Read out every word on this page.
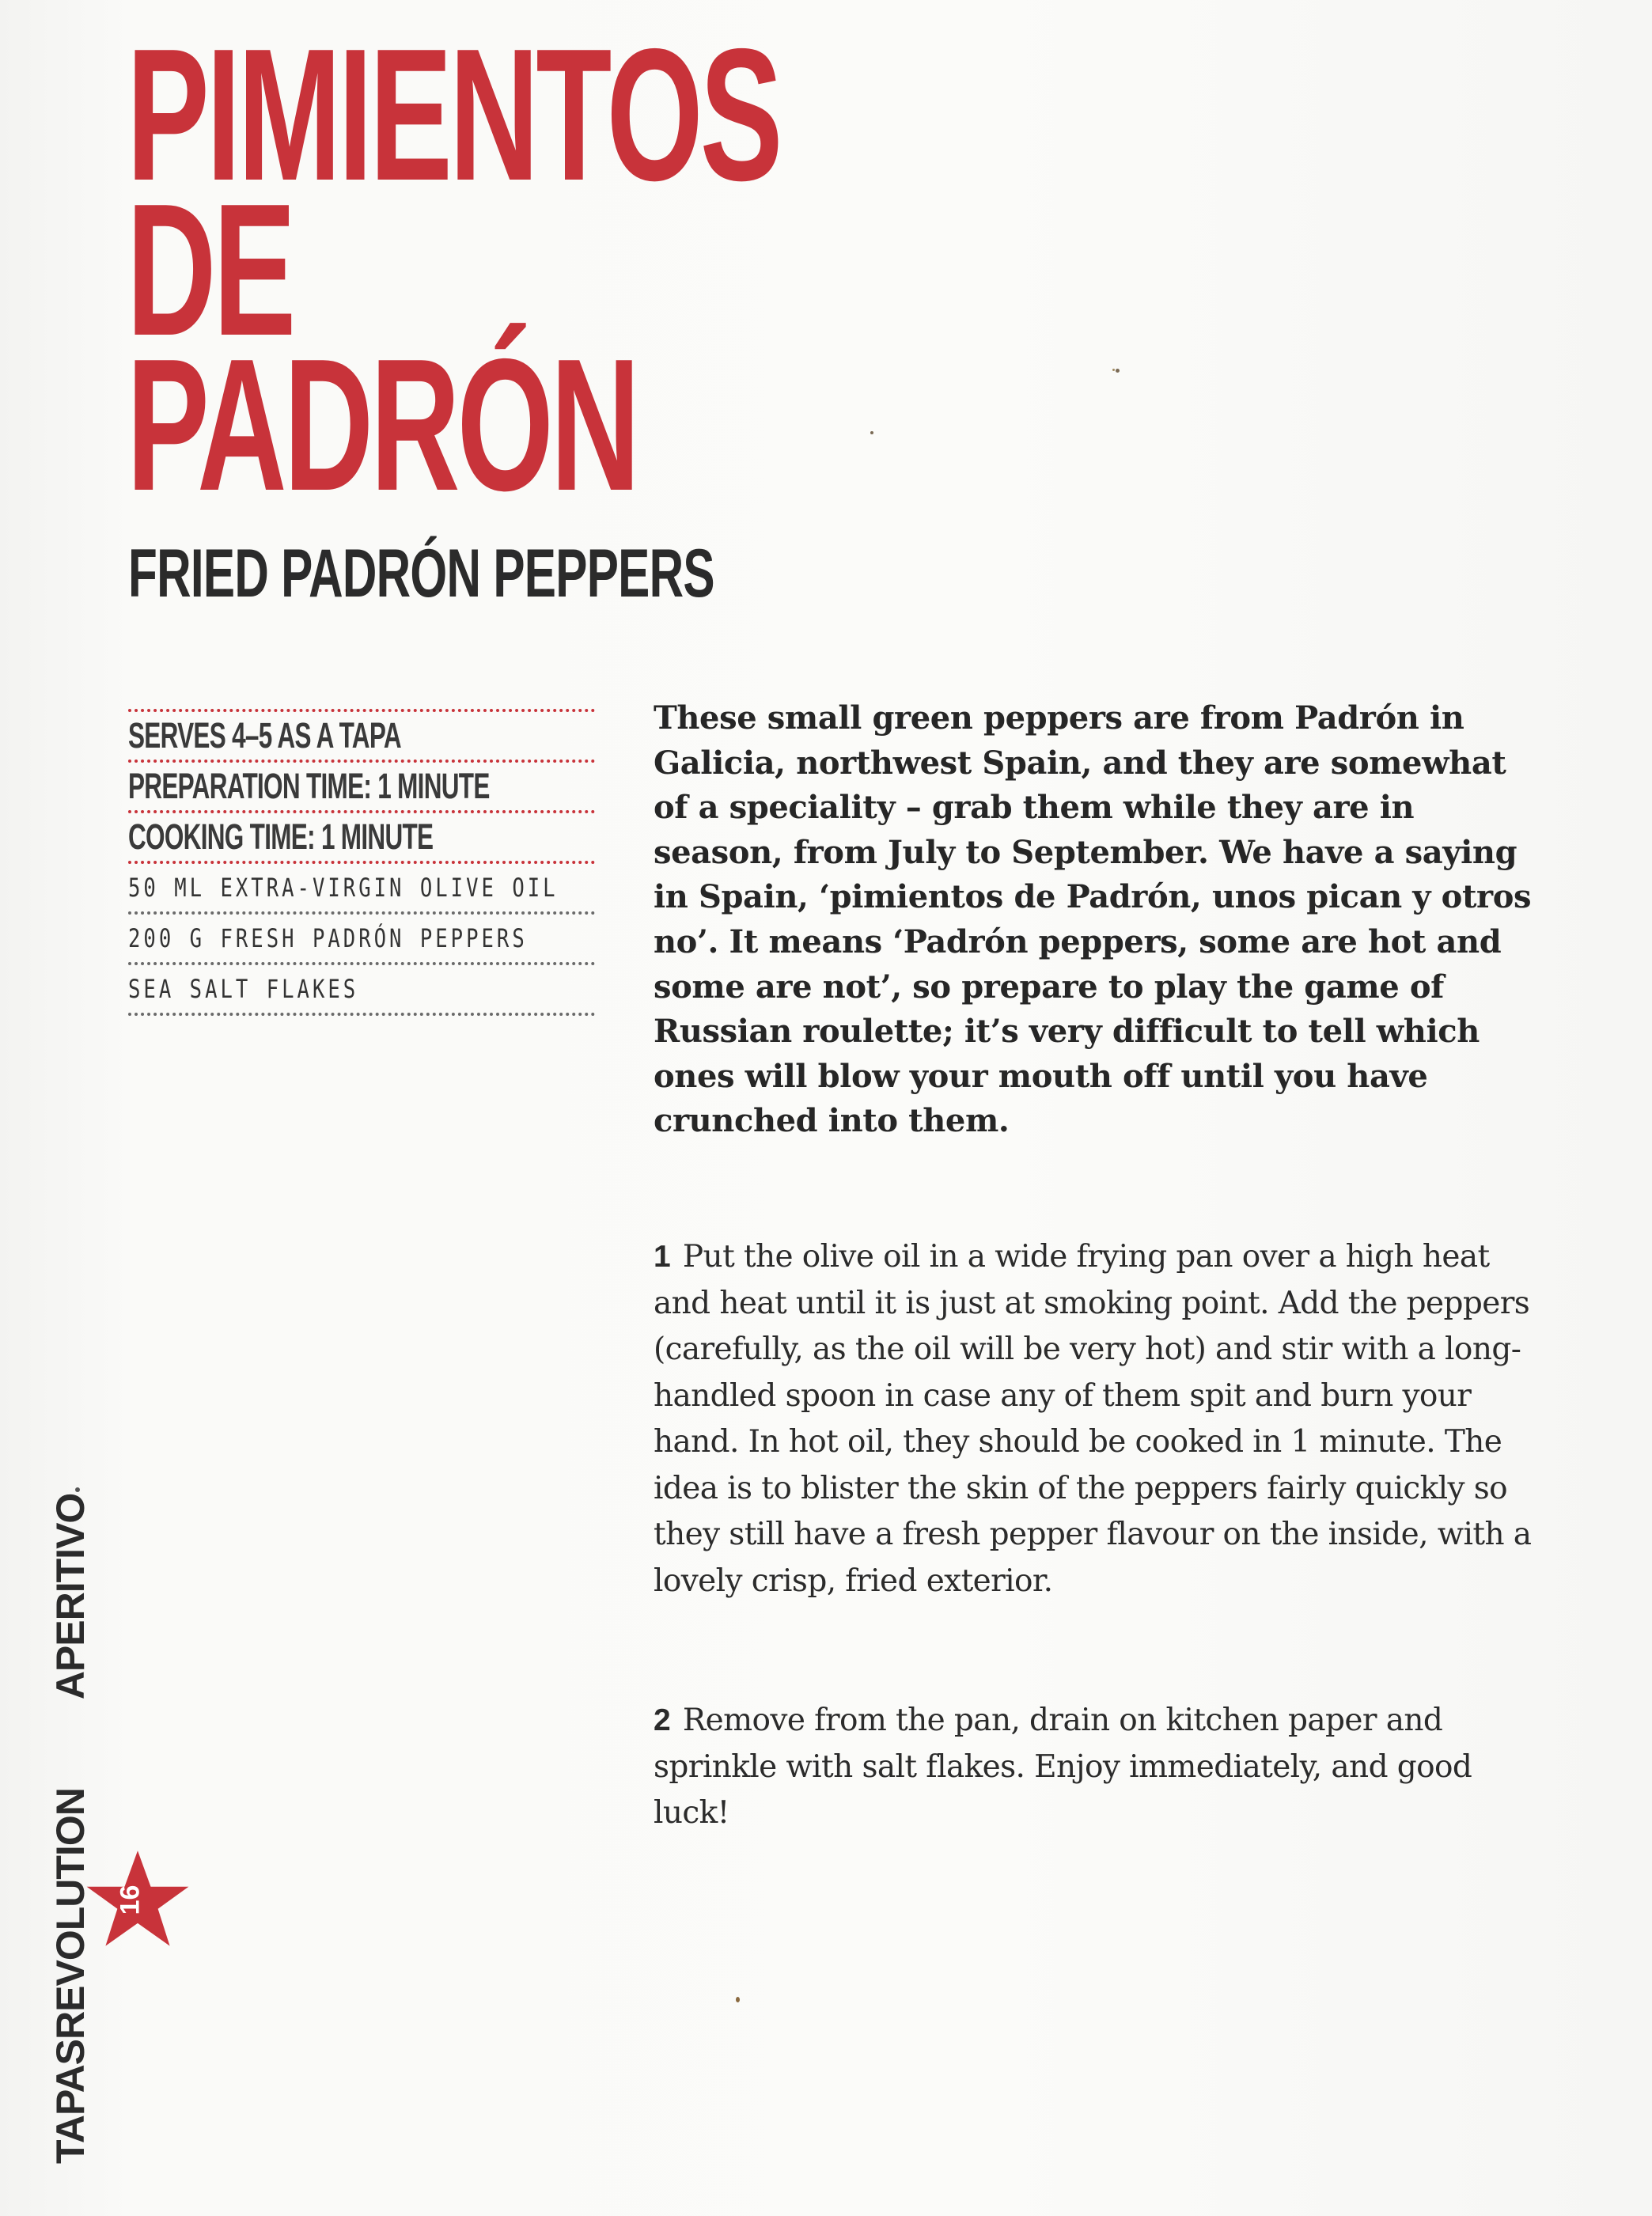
PIMIENTOS
DE
PADRÓN
FRIED PADRÓN PEPPERS
SERVES 4–5 AS A TAPA
PREPARATION TIME: 1 MINUTE
COOKING TIME: 1 MINUTE
50 ML EXTRA-VIRGIN OLIVE OIL
200 G FRESH PADRÓN PEPPERS
SEA SALT FLAKES

These small green peppers are from Padrón in Galicia, northwest Spain, and they are somewhat of a speciality – grab them while they are in season, from July to September. We have a saying in Spain, ‘pimientos de Padrón, unos pican y otros no’. It means ‘Padrón peppers, some are hot and some are not’, so prepare to play the game of Russian roulette; it’s very difficult to tell which ones will blow your mouth off until you have crunched into them.

1 Put the olive oil in a wide frying pan over a high heat and heat until it is just at smoking point. Add the peppers (carefully, as the oil will be very hot) and stir with a long-handled spoon in case any of them spit and burn your hand. In hot oil, they should be cooked in 1 minute. The idea is to blister the skin of the peppers fairly quickly so they still have a fresh pepper flavour on the inside, with a lovely crisp, fried exterior.

2 Remove from the pan, drain on kitchen paper and sprinkle with salt flakes. Enjoy immediately, and good luck!

TAPASREVOLUTIONAPERITIVO
16
